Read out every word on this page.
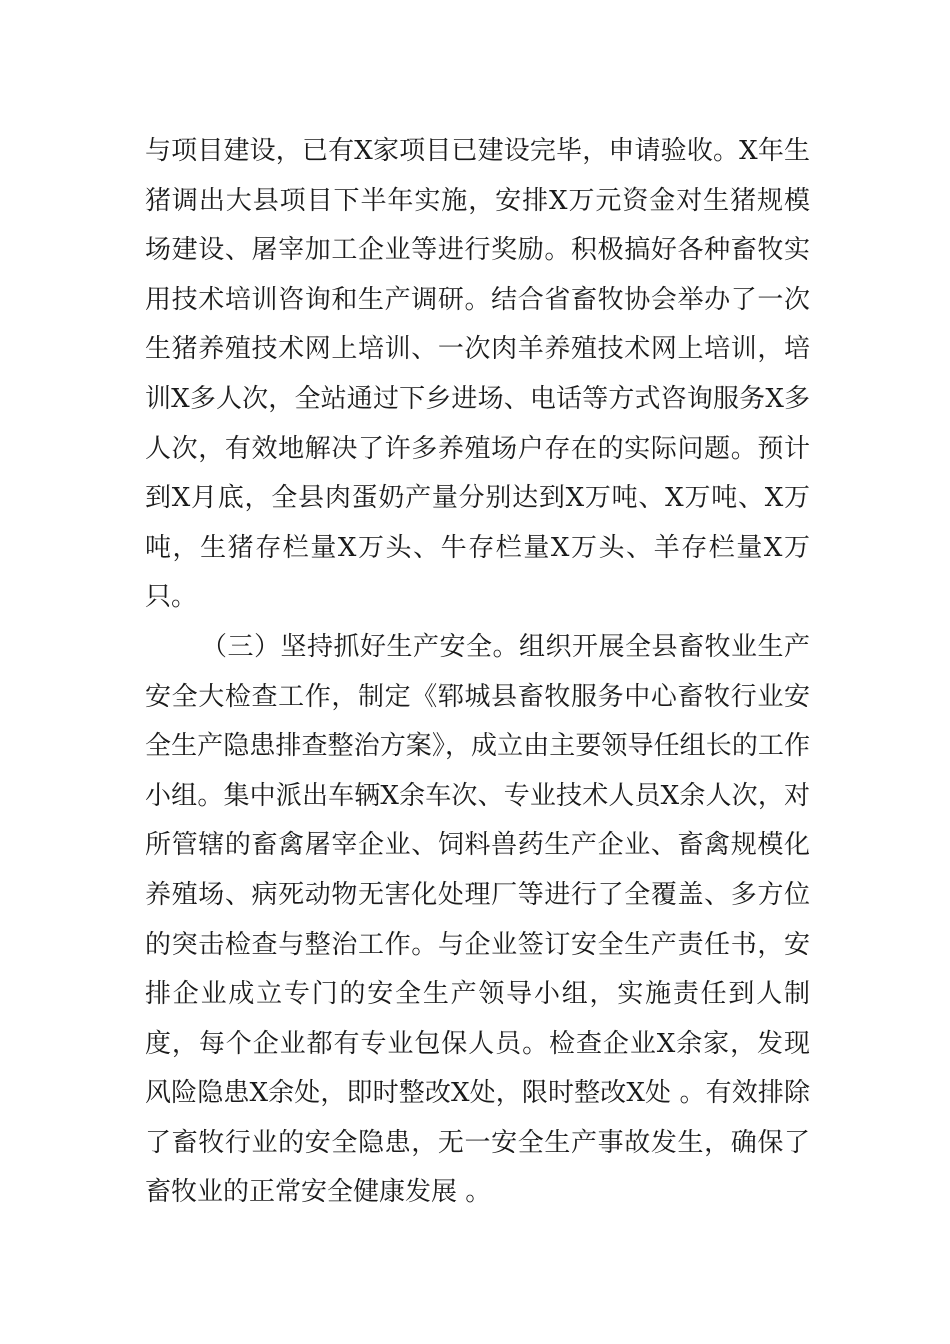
与项目建设，已有X家项目已建设完毕，申请验收。X年生猪调出大县项目下半年实施，安排X万元资金对生猪规模场建设、屠宰加工企业等进行奖励。积极搞好各种畜牧实用技术培训咨询和生产调研。结合省畜牧协会举办了一次生猪养殖技术网上培训、一次肉羊养殖技术网上培训，培训X多人次，全站通过下乡进场、电话等方式咨询服务X多人次，有效地解决了许多养殖场户存在的实际问题。预计到X月底，全县肉蛋奶产量分别达到X万吨、X万吨、X万吨，生猪存栏量X万头、牛存栏量X万头、羊存栏量X万只。

（三）坚持抓好生产安全。组织开展全县畜牧业生产安全大检查工作，制定《郓城县畜牧服务中心畜牧行业安全生产隐患排查整治方案》，成立由主要领导任组长的工作小组。集中派出车辆X余车次、专业技术人员X余人次，对所管辖的畜禽屠宰企业、饲料兽药生产企业、畜禽规模化养殖场、病死动物无害化处理厂等进行了全覆盖、多方位的突击检查与整治工作。与企业签订安全生产责任书，安排企业成立专门的安全生产领导小组，实施责任到人制度，每个企业都有专业包保人员。检查企业X余家，发现风险隐患X余处，即时整改X处，限时整改X处 。有效排除了畜牧行业的安全隐患，无一安全生产事故发生，确保了畜牧业的正常安全健康发展 。
